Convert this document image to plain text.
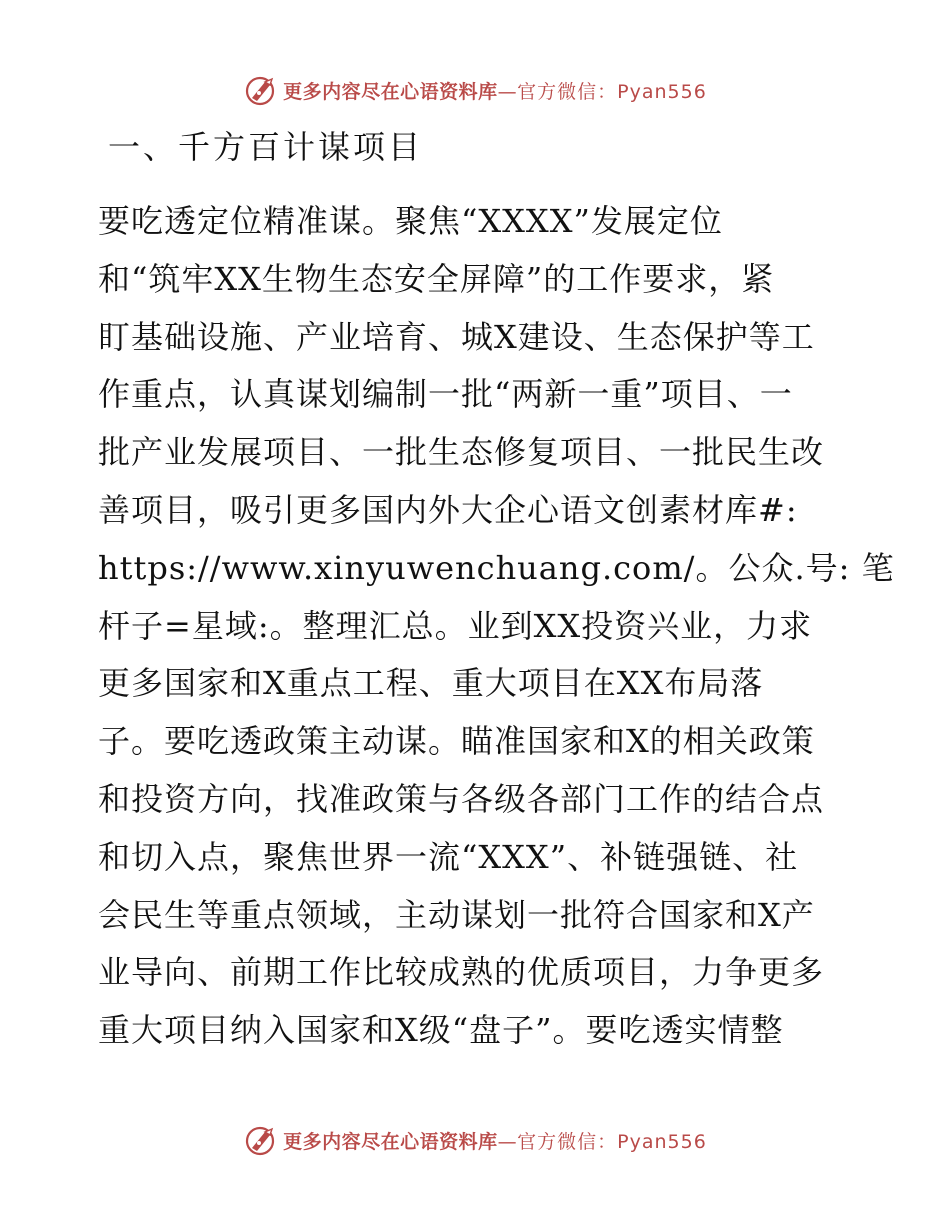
更多内容尽在心语资料库—官方微信：Pyan556
一、千方百计谋项目
要吃透定位精准谋。聚焦“XXXX”发展定位
和“筑牢XX生物生态安全屏障”的工作要求，紧
盯基础设施、产业培育、城X建设、生态保护等工
作重点，认真谋划编制一批“两新一重”项目、一
批产业发展项目、一批生态修复项目、一批民生改
善项目，吸引更多国内外大企心语文创素材库#:
https://www.xinyuwenchuang.com/。公众.号: 笔
杆子=星域:。整理汇总。业到XX投资兴业，力求
更多国家和X重点工程、重大项目在XX布局落
子。要吃透政策主动谋。瞄准国家和X的相关政策
和投资方向，找准政策与各级各部门工作的结合点
和切入点，聚焦世界一流“XXX”、补链强链、社
会民生等重点领域，主动谋划一批符合国家和X产
业导向、前期工作比较成熟的优质项目，力争更多
重大项目纳入国家和X级“盘子”。要吃透实情整
更多内容尽在心语资料库—官方微信：Pyan556
